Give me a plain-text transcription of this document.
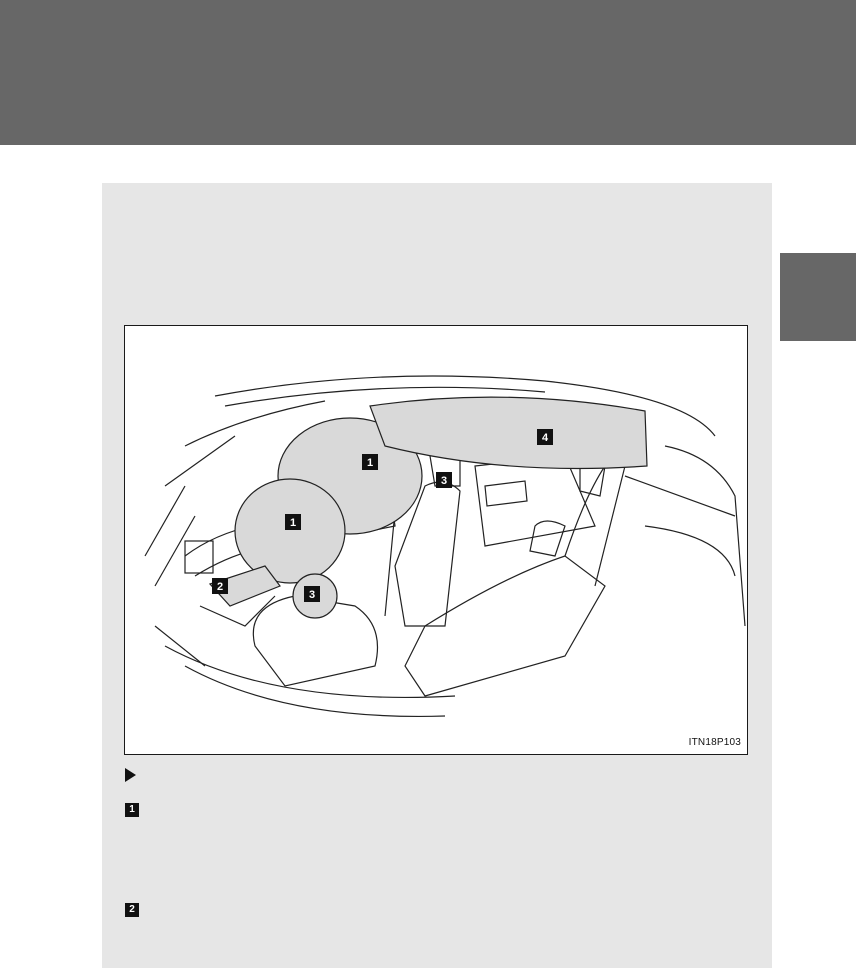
1
1
2
3
3
4
ITN18P103
1
2
